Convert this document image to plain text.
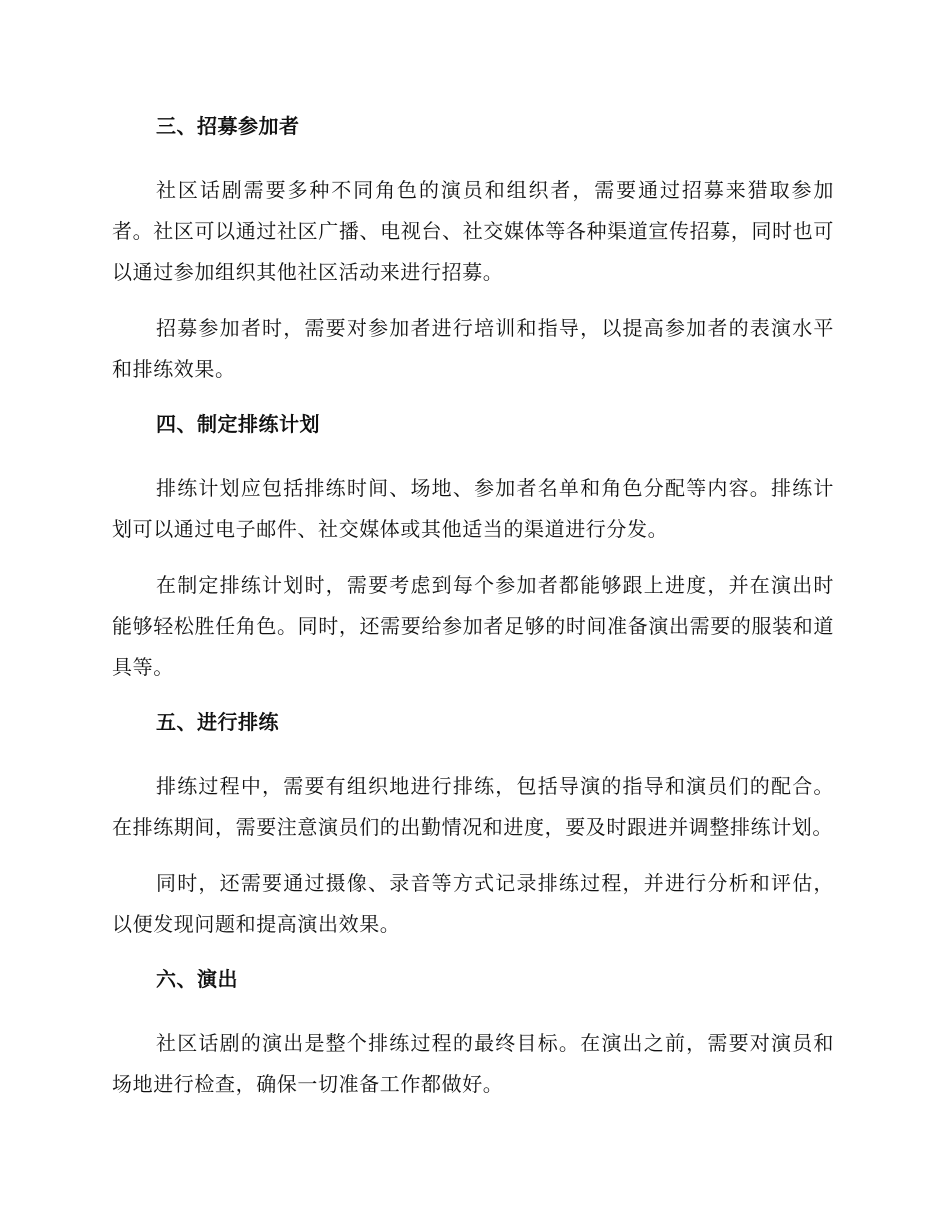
三、招募参加者

社区话剧需要多种不同角色的演员和组织者，需要通过招募来猎取参加者。社区可以通过社区广播、电视台、社交媒体等各种渠道宣传招募，同时也可以通过参加组织其他社区活动来进行招募。

招募参加者时，需要对参加者进行培训和指导，以提高参加者的表演水平和排练效果。

四、制定排练计划

排练计划应包括排练时间、场地、参加者名单和角色分配等内容。排练计划可以通过电子邮件、社交媒体或其他适当的渠道进行分发。

在制定排练计划时，需要考虑到每个参加者都能够跟上进度，并在演出时能够轻松胜任角色。同时，还需要给参加者足够的时间准备演出需要的服装和道具等。

五、进行排练

排练过程中，需要有组织地进行排练，包括导演的指导和演员们的配合。在排练期间，需要注意演员们的出勤情况和进度，要及时跟进并调整排练计划。

同时，还需要通过摄像、录音等方式记录排练过程，并进行分析和评估，以便发现问题和提高演出效果。

六、演出

社区话剧的演出是整个排练过程的最终目标。在演出之前，需要对演员和场地进行检查，确保一切准备工作都做好。
